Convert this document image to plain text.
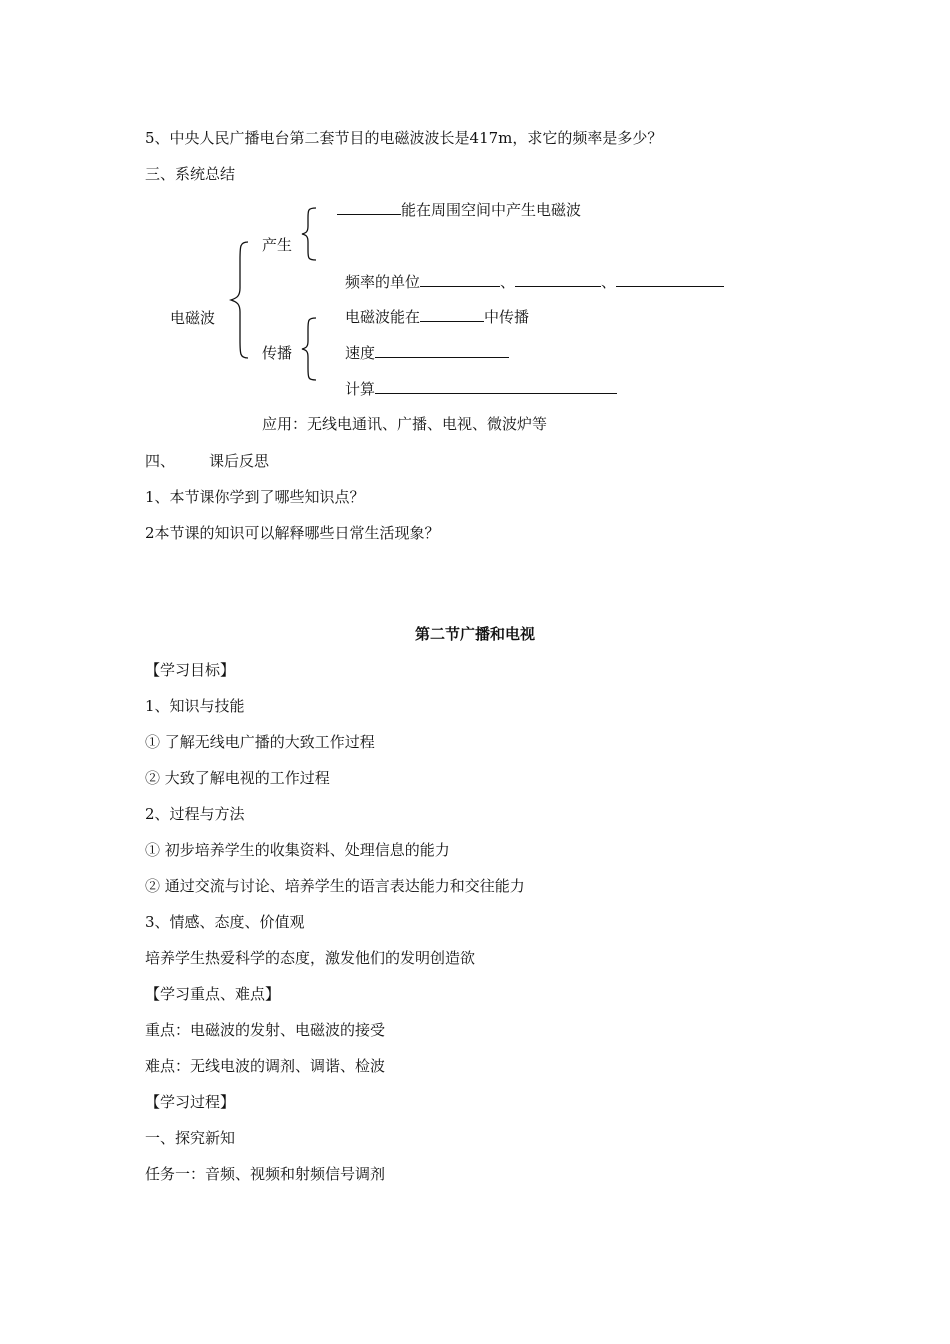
5、中央人民广播电台第二套节目的电磁波波长是417m，求它的频率是多少？
三、系统总结
能在周围空间中产生电磁波
产生
电磁波
频率的单位	、	、
传播
电磁波能在	中传播
速度
计算
应用：无线电通讯、广播、电视、微波炉等
四、 课后反思
1、本节课你学到了哪些知识点？
2本节课的知识可以解释哪些日常生活现象？
第二节广播和电视
【学习目标】
1、知识与技能
① 了解无线电广播的大致工作过程
② 大致了解电视的工作过程
2、过程与方法
① 初步培养学生的收集资料、处理信息的能力
② 通过交流与讨论、培养学生的语言表达能力和交往能力
3、情感、态度、价值观
培养学生热爱科学的态度，激发他们的发明创造欲
【学习重点、难点】
重点：电磁波的发射、电磁波的接受
难点：无线电波的调剂、调谐、检波
【学习过程】
一、探究新知
任务一：音频、视频和射频信号调剂
